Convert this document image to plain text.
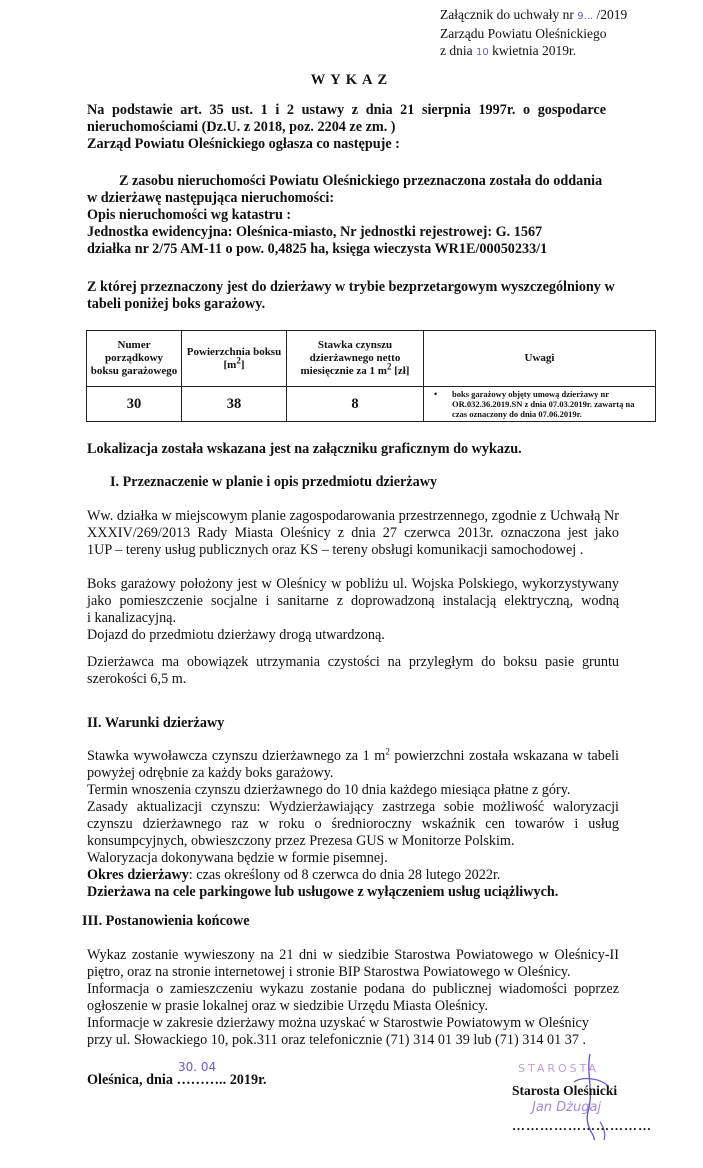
Załącznik do uchwały nr 9... /2019
Zarządu Powiatu Oleśnickiego
z dnia 10 kwietnia 2019r.
WYKAZ
Na podstawie art. 35 ust. 1 i 2 ustawy z dnia 21 sierpnia 1997r. o gospodarce
nieruchomościami (Dz.U. z 2018, poz. 2204 ze zm. )
Zarząd Powiatu Oleśnickiego ogłasza co następuje :
Z zasobu nieruchomości Powiatu Oleśnickiego przeznaczona została do oddania
w dzierżawę następująca nieruchomości:
Opis nieruchomości wg katastru :
Jednostka ewidencyjna: Oleśnica-miasto, Nr jednostki rejestrowej: G. 1567
działka nr 2/75 AM-11 o pow. 0,4825 ha, księga wieczysta WR1E/00050233/1
Z której przeznaczony jest do dzierżawy w trybie bezprzetargowym wyszczególniony w
tabeli poniżej boks garażowy.
Numer porządkowy boksu garażowego	Powierzchnia boksu $[m^2]$	Stawka czynszu dzierżawnego netto miesięcznie za 1 $m^2$ [zł]	Uwagi
30	38	8	• boks garażowy objęty umową dzierżawy nr OR.032.36.2019.SN z dnia 07.03.2019r. zawartą na czas oznaczony do dnia 07.06.2019r.
Lokalizacja została wskazana jest na załączniku graficznym do wykazu.
I. Przeznaczenie w planie i opis przedmiotu dzierżawy
Ww. działka w miejscowym planie zagospodarowania przestrzennego, zgodnie z Uchwałą Nr
XXXIV/269/2013 Rady Miasta Oleśnicy z dnia 27 czerwca 2013r. oznaczona jest jako
1UP – tereny usług publicznych oraz KS – tereny obsługi komunikacji samochodowej .
Boks garażowy położony jest w Oleśnicy w pobliżu ul. Wojska Polskiego, wykorzystywany
jako pomieszczenie socjalne i sanitarne z doprowadzoną instalacją elektryczną, wodną
i kanalizacyjną.
Dojazd do przedmiotu dzierżawy drogą utwardzoną.
Dzierżawca ma obowiązek utrzymania czystości na przyległym do boksu pasie gruntu
szerokości 6,5 m.
II. Warunki dzierżawy
Stawka wywoławcza czynszu dzierżawnego za 1 $m^2$ powierzchni została wskazana w tabeli
powyżej odrębnie za każdy boks garażowy.
Termin wnoszenia czynszu dzierżawnego do 10 dnia każdego miesiąca płatne z góry.
Zasady aktualizacji czynszu: Wydzierżawiający zastrzega sobie możliwość waloryzacji
czynszu dzierżawnego raz w roku o średnioroczny wskaźnik cen towarów i usług
konsumpcyjnych, obwieszczony przez Prezesa GUS w Monitorze Polskim.
Waloryzacja dokonywana będzie w formie pisemnej.
Okres dzierżawy: czas określony od 8 czerwca do dnia 28 lutego 2022r.
Dzierżawa na cele parkingowe lub usługowe z wyłączeniem usług uciążliwych.
III. Postanowienia końcowe
Wykaz zostanie wywieszony na 21 dni w siedzibie Starostwa Powiatowego w Oleśnicy-II
piętro, oraz na stronie internetowej i stronie BIP Starostwa Powiatowego w Oleśnicy.
Informacja o zamieszczeniu wykazu zostanie podana do publicznej wiadomości poprzez
ogłoszenie w prasie lokalnej oraz w siedzibie Urzędu Miasta Oleśnicy.
Informacje w zakresie dzierżawy można uzyskać w Starostwie Powiatowym w Oleśnicy
przy ul. Słowackiego 10, pok.311 oraz telefonicznie (71) 314 01 39 lub (71) 314 01 37 .
Oleśnica, dnia ……….. 2019r.
30. 04	STAROSTA
Starosta Oleśnicki
Jan Dżugaj
…………………………
